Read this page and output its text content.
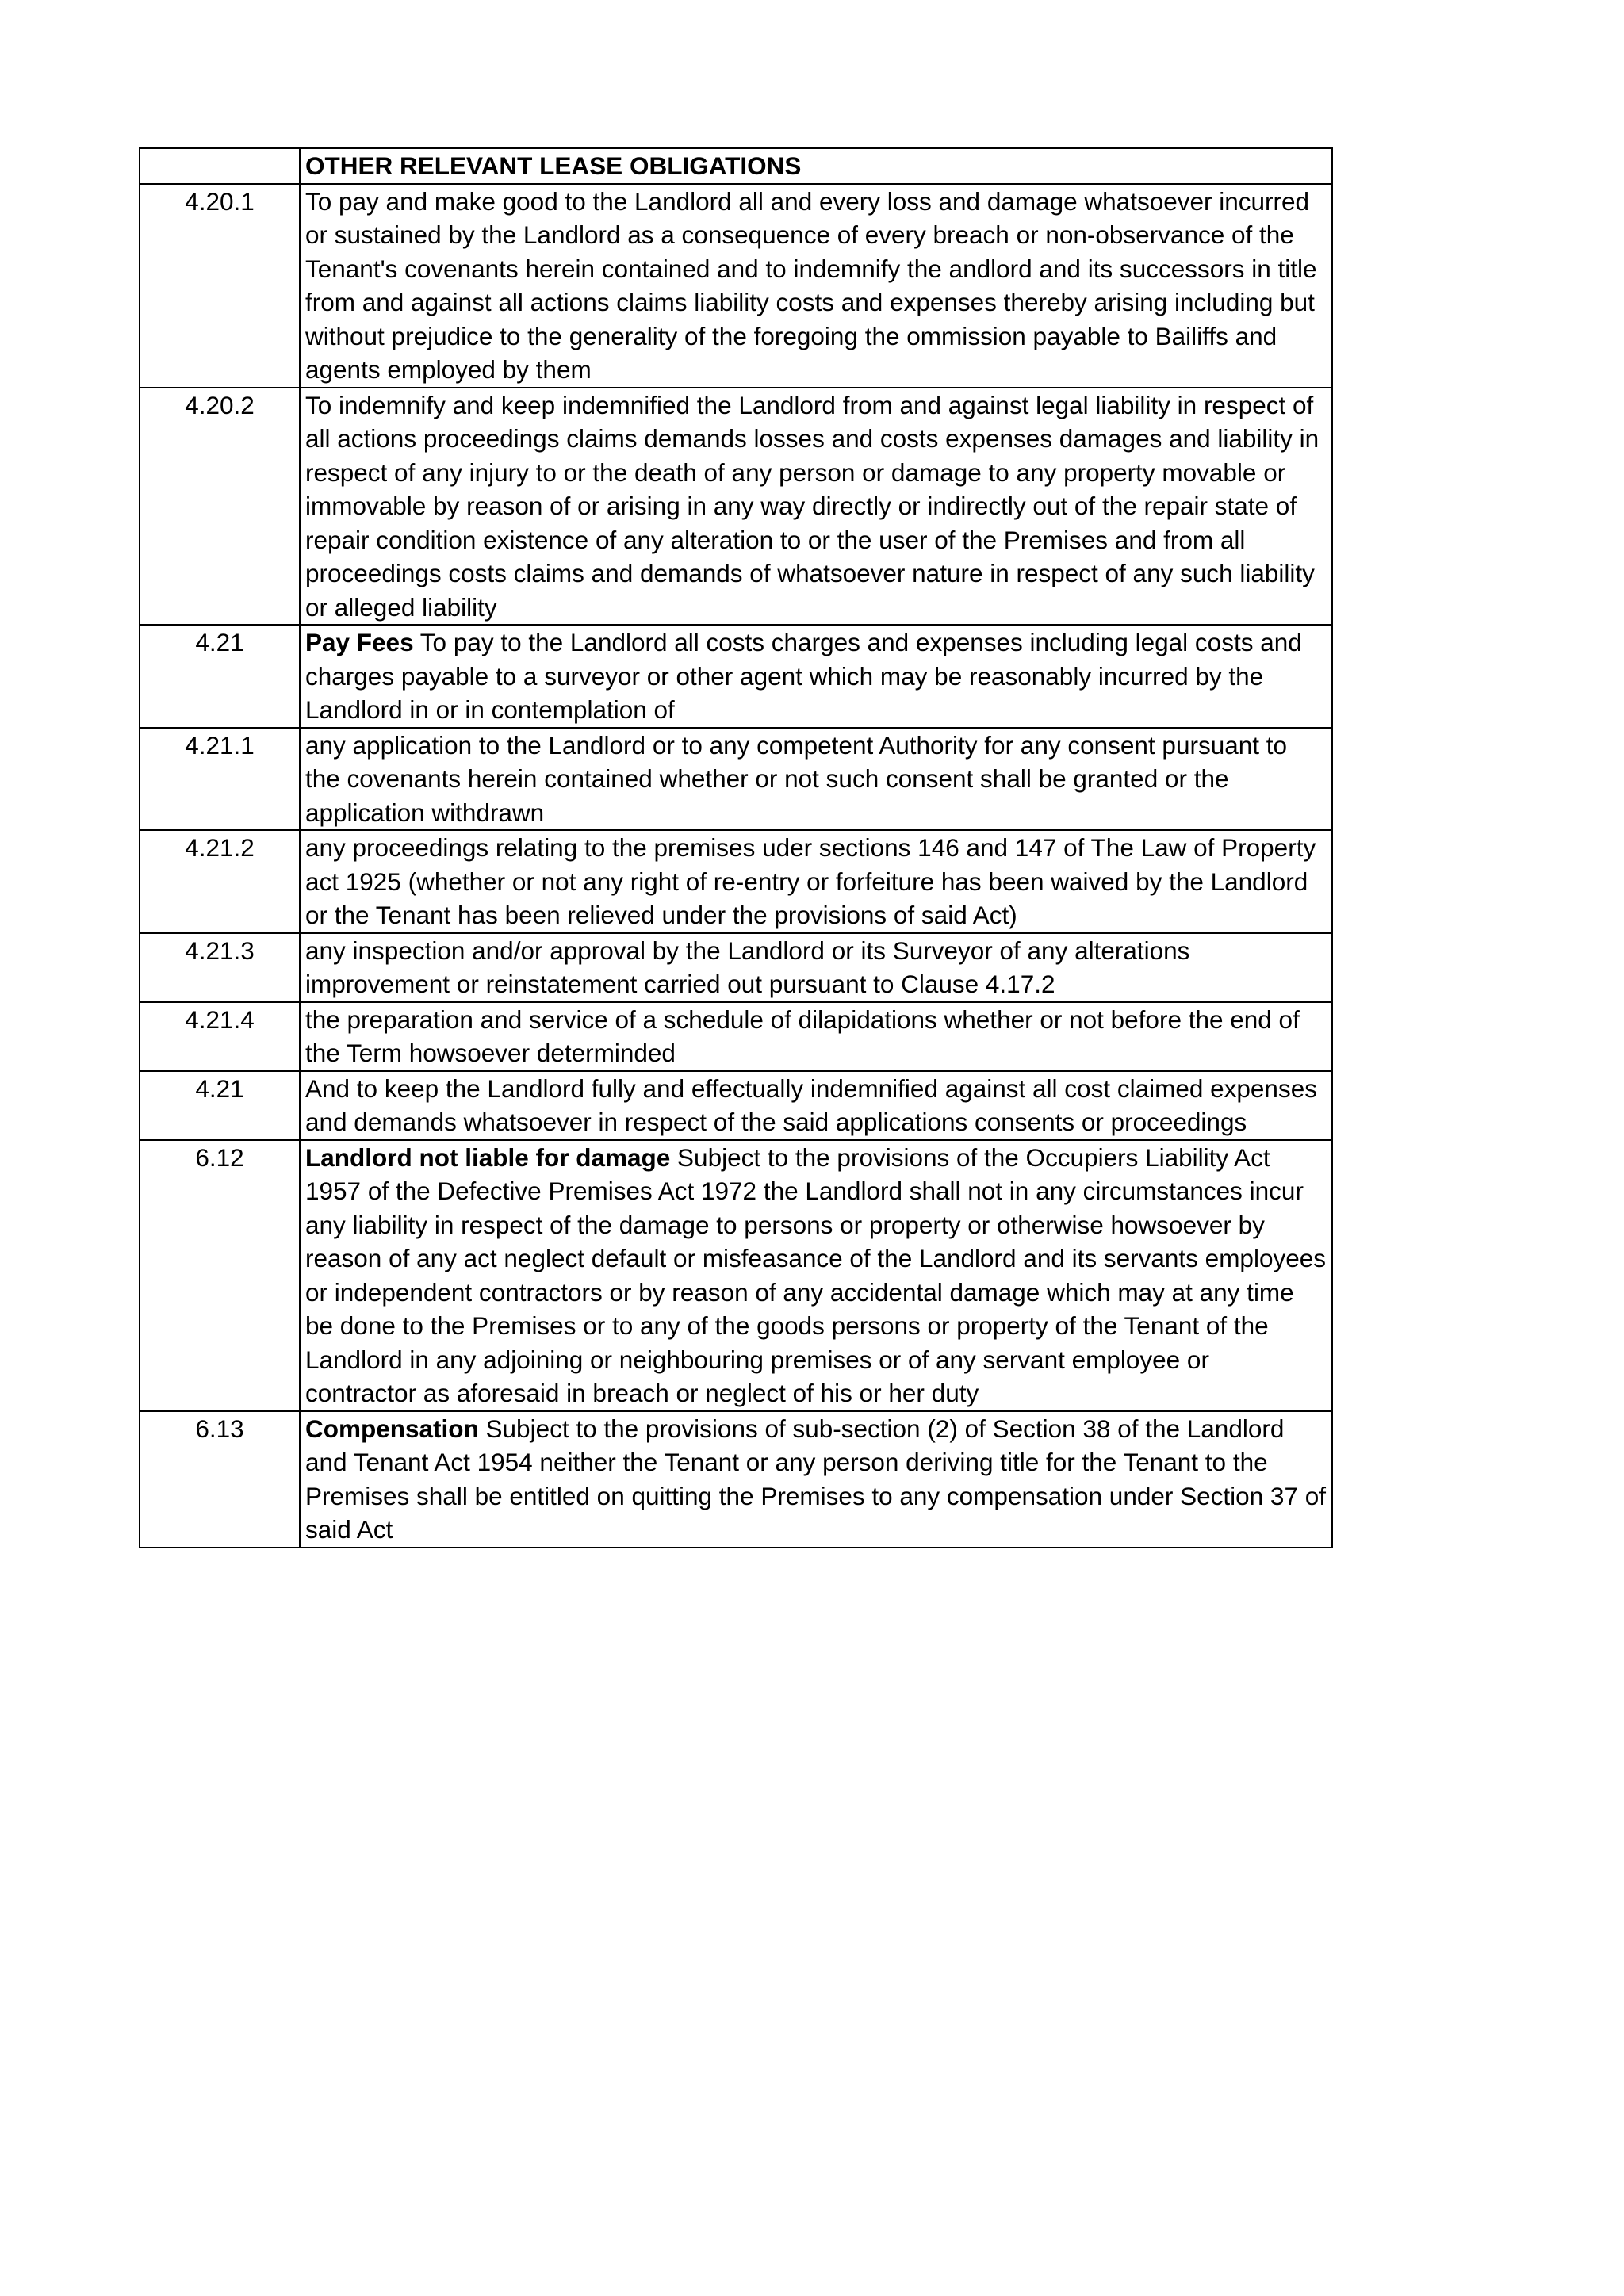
	OTHER RELEVANT LEASE OBLIGATIONS
4.20.1	To pay and make good to the Landlord all and every loss and damage whatsoever incurred or sustained by the Landlord as a consequence of every breach or non-observance of the Tenant's covenants herein contained and to indemnify the andlord and its successors in title from and against all actions claims liability costs and expenses thereby arising including but without prejudice to the generality of the foregoing the ommission payable to Bailiffs and agents employed by them
4.20.2	To indemnify and keep indemnified the Landlord from and against legal liability in respect of all actions proceedings claims demands losses and costs expenses damages and liability in respect of any injury to or the death of any person or damage to any property movable or immovable by reason of or arising in any way directly or indirectly out of the repair state of repair condition existence of any alteration to or the user of the Premises and from all proceedings costs claims and demands of whatsoever nature in respect of any such liability or alleged liability
4.21	Pay Fees To pay to the Landlord all costs charges and expenses including legal costs and charges payable to a surveyor or other agent which may be reasonably incurred by the Landlord in or in contemplation of
4.21.1	any application to the Landlord or to any competent Authority for any consent pursuant to the covenants herein contained whether or not such consent shall be granted or the application withdrawn
4.21.2	any proceedings relating to the premises uder sections 146 and 147 of The Law of Property act 1925 (whether or not any right of re-entry or forfeiture has been waived by the Landlord or the Tenant has been relieved under the provisions of said Act)
4.21.3	any inspection and/or approval by the Landlord or its Surveyor of any alterations improvement or reinstatement carried out pursuant to Clause 4.17.2
4.21.4	the preparation and service of a schedule of dilapidations whether or not before the end of the Term howsoever determinded
4.21	And to keep the Landlord fully and effectually indemnified against all cost claimed expenses and demands whatsoever in respect of the said applications consents or proceedings
6.12	Landlord not liable for damage Subject to the provisions of the Occupiers Liability Act 1957 of the Defective Premises Act 1972 the Landlord shall not in any circumstances incur any liability in respect of the damage to persons or property or otherwise howsoever by reason of any act neglect default or misfeasance of the Landlord and its servants employees or independent contractors or by reason of any accidental damage which may at any time be done to the Premises or to any of the goods persons or property of the Tenant of the Landlord in any adjoining or neighbouring premises or of any servant employee or contractor as aforesaid in breach or neglect of his or her duty
6.13	Compensation Subject to the provisions of sub-section (2) of Section 38 of the Landlord and Tenant Act 1954 neither the Tenant or any person deriving title for the Tenant to the Premises shall be entitled on quitting the Premises to any compensation under Section 37 of said Act
